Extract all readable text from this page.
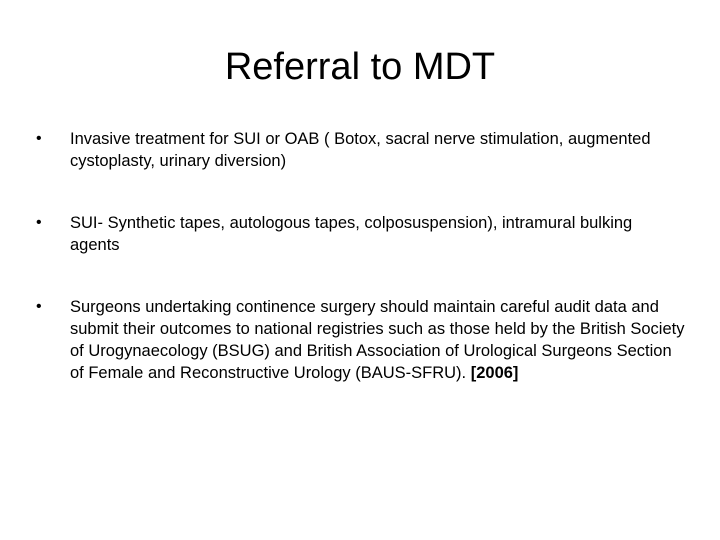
Referral to MDT
•	Invasive treatment for SUI or OAB ( Botox, sacral nerve stimulation, augmented cystoplasty, urinary diversion)
•	SUI- Synthetic tapes, autologous tapes, colposuspension), intramural bulking agents
•	Surgeons undertaking continence surgery should maintain careful audit data and submit their outcomes to national registries such as those held by the British Society of Urogynaecology (BSUG) and British Association of Urological Surgeons Section of Female and Reconstructive Urology (BAUS‑SFRU). [2006]
